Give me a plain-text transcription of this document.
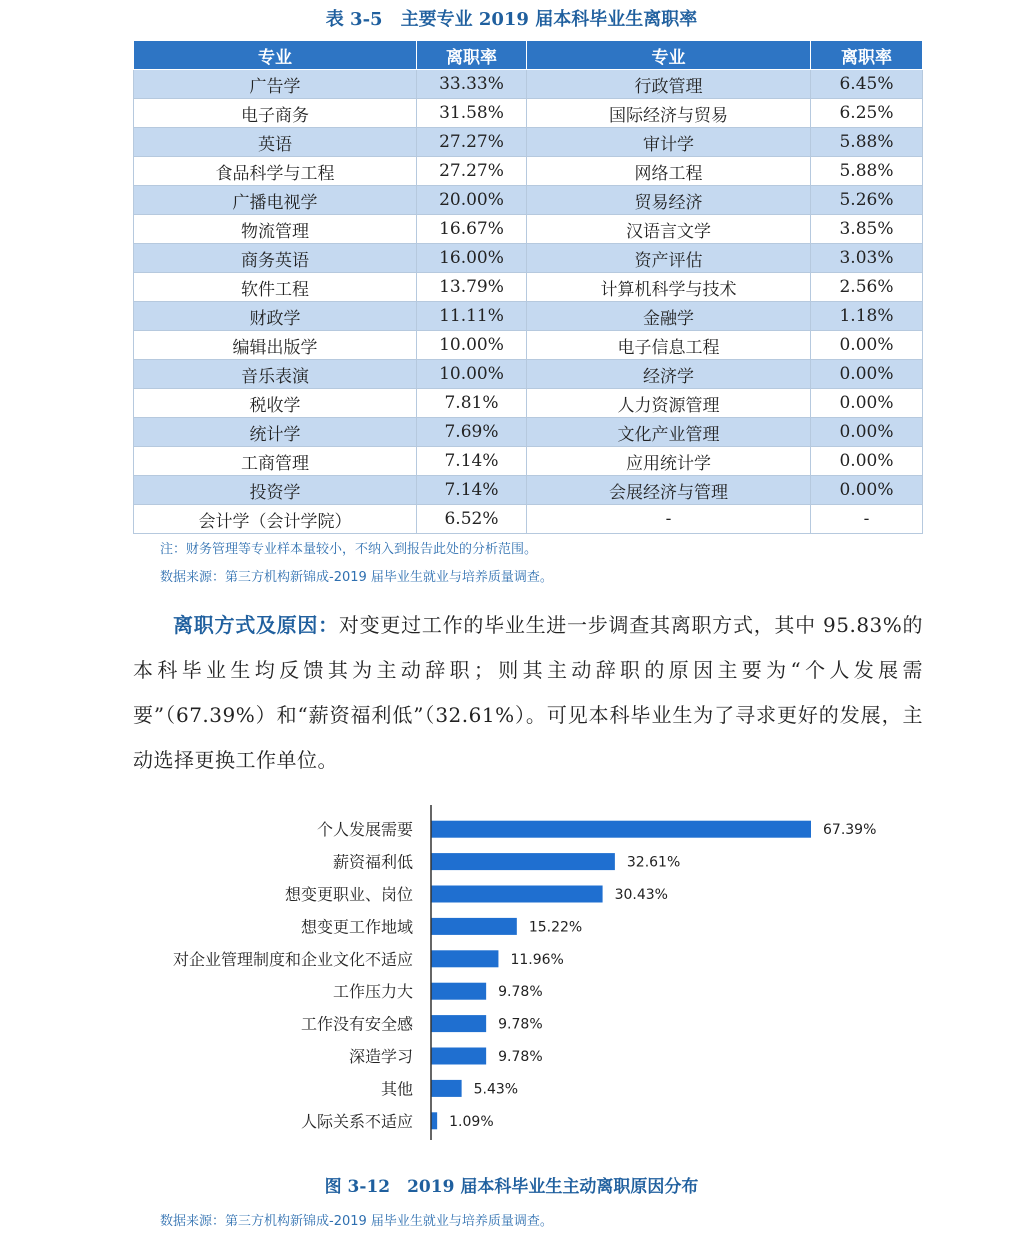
表 3-5　主要专业 2019 届本科毕业生离职率
专业	离职率	专业	离职率
广告学	33.33%	行政管理	6.45%
电子商务	31.58%	国际经济与贸易	6.25%
英语	27.27%	审计学	5.88%
食品科学与工程	27.27%	网络工程	5.88%
广播电视学	20.00%	贸易经济	5.26%
物流管理	16.67%	汉语言文学	3.85%
商务英语	16.00%	资产评估	3.03%
软件工程	13.79%	计算机科学与技术	2.56%
财政学	11.11%	金融学	1.18%
编辑出版学	10.00%	电子信息工程	0.00%
音乐表演	10.00%	经济学	0.00%
税收学	7.81%	人力资源管理	0.00%
统计学	7.69%	文化产业管理	0.00%
工商管理	7.14%	应用统计学	0.00%
投资学	7.14%	会展经济与管理	0.00%
会计学（会计学院）	6.52%	-	-
注：财务管理等专业样本量较小，不纳入到报告此处的分析范围。
数据来源：第三方机构新锦成-2019 届毕业生就业与培养质量调查。
离职方式及原因：对变更过工作的毕业生进一步调查其离职方式，其中 95.83%的本科毕业生均反馈其为主动辞职；则其主动辞职的原因主要为“个人发展需要”（67.39%）和“薪资福利低”（32.61%）。可见本科毕业生为了寻求更好的发展，主动选择更换工作单位。
个人发展需要	67.39%
薪资福利低	32.61%
想变更职业、岗位	30.43%
想变更工作地域	15.22%
对企业管理制度和企业文化不适应	11.96%
工作压力大	9.78%
工作没有安全感	9.78%
深造学习	9.78%
其他	5.43%
人际关系不适应	1.09%
图 3-12　2019 届本科毕业生主动离职原因分布
数据来源：第三方机构新锦成-2019 届毕业生就业与培养质量调查。
